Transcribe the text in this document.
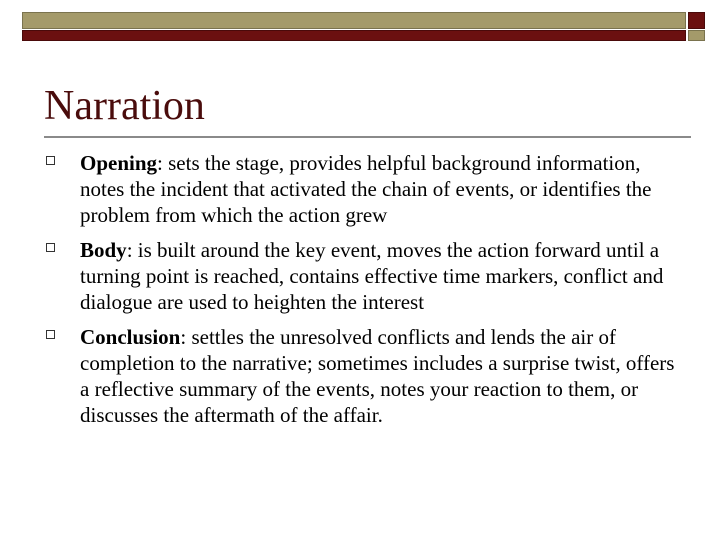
Narration
Opening: sets the stage, provides helpful background information, notes the incident that activated the chain of events, or identifies the problem from which the action grew
Body: is built around the key event, moves the action forward until a turning point is reached, contains effective time markers, conflict and dialogue are used to heighten the interest
Conclusion: settles the unresolved conflicts and lends the air of completion to the narrative; sometimes includes a surprise twist, offers a reflective summary of the events, notes your reaction to them, or discusses the aftermath of the affair.
